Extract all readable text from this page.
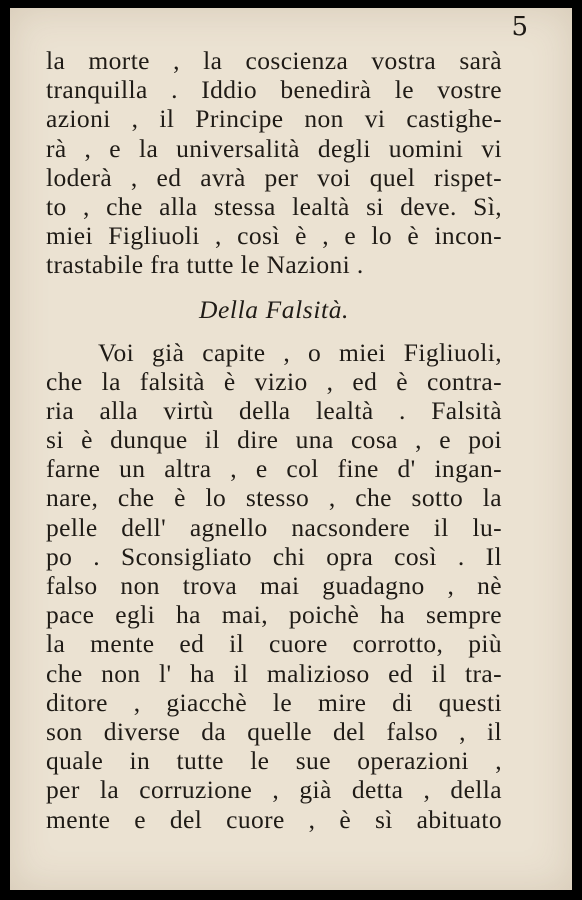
5
la morte , la coscienza vostra sarà
tranquilla . Iddio benedirà le vostre
azioni , il Principe non vi castighe-
rà , e la universalità degli uomini vi
loderà , ed avrà per voi quel rispet-
to , che alla stessa lealtà si deve. Sì,
miei Figliuoli , così è , e lo è incon-
trastabile fra tutte le Nazioni .
Della Falsità.
Voi già capite , o miei Figliuoli,
che la falsità è vizio , ed è contra-
ria alla virtù della lealtà . Falsità
si è dunque il dire una cosa , e poi
farne un altra , e col fine d' ingan-
nare, che è lo stesso , che sotto la
pelle dell' agnello nacsondere il lu-
po . Sconsigliato chi opra così . Il
falso non trova mai guadagno , nè
pace egli ha mai, poichè ha sempre
la mente ed il cuore corrotto, più
che non l' ha il malizioso ed il tra-
ditore , giacchè le mire di questi
son diverse da quelle del falso , il
quale in tutte le sue operazioni ,
per la corruzione , già detta , della
mente e del cuore , è sì abituato
